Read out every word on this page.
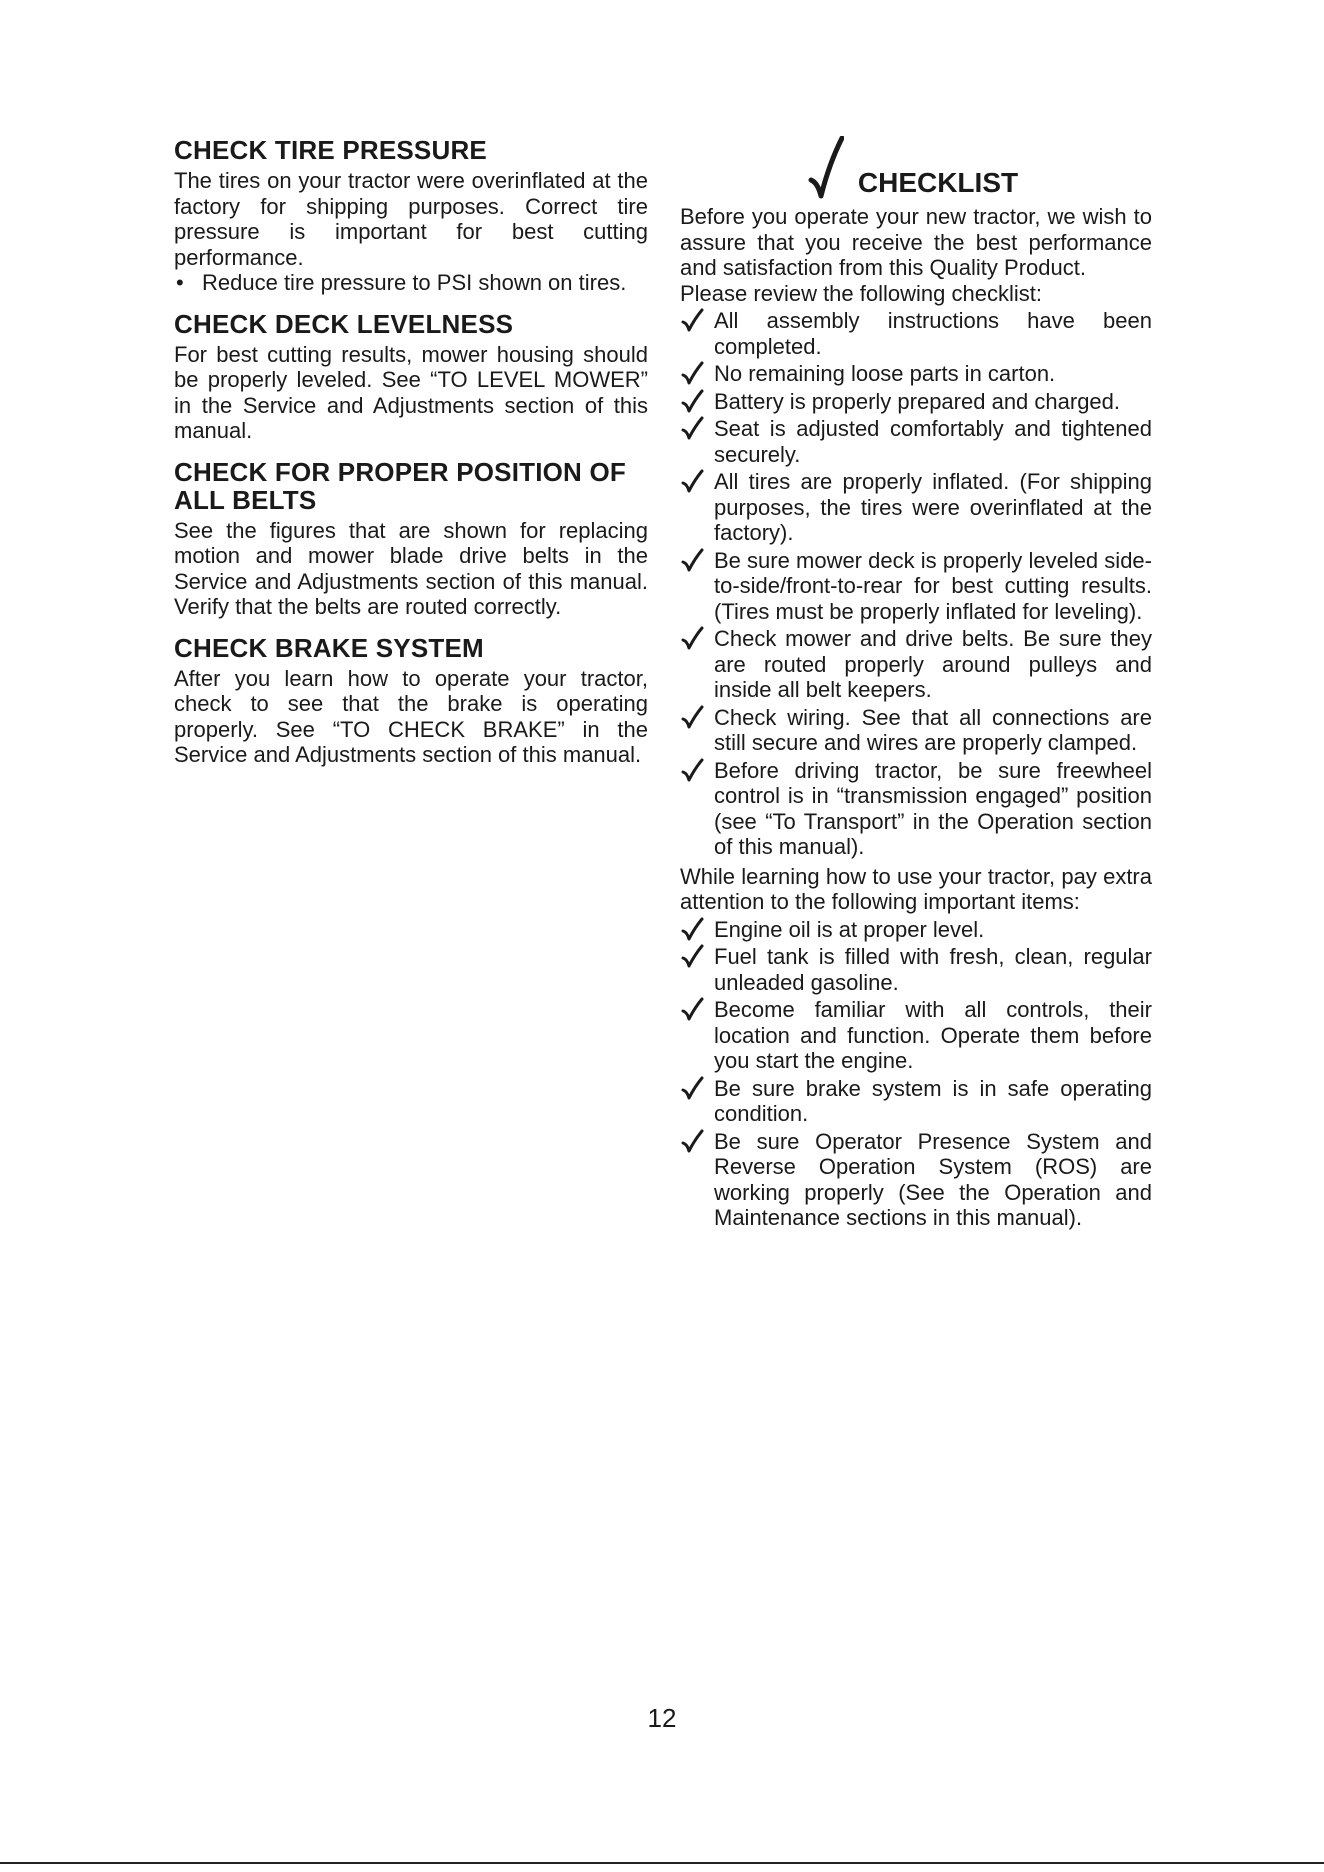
CHECK TIRE PRESSURE

The tires on your tractor were overinflated at the factory for shipping purposes. Correct tire pressure is important for best cutting performance.

• Reduce tire pressure to PSI shown on tires.
CHECK DECK LEVELNESS

For best cutting results, mower housing should be properly leveled. See “TO LEVEL MOWER” in the Service and Adjustments section of this manual.

CHECK FOR PROPER POSITION OF ALL BELTS

See the figures that are shown for replacing motion and mower blade drive belts in the Service and Adjustments section of this manual. Verify that the belts are routed correctly.

CHECK BRAKE SYSTEM

After you learn how to operate your tractor, check to see that the brake is operating properly. See “TO CHECK BRAKE” in the Service and Adjustments section of this manual.

CHECKLIST

Before you operate your new tractor, we wish to assure that you receive the best performance and satisfaction from this Quality Product.

Please review the following checklist:

All assembly instructions have been completed.
No remaining loose parts in carton.
Battery is properly prepared and charged.
Seat is adjusted comfortably and tightened securely.
All tires are properly inflated. (For shipping purposes, the tires were overinflated at the factory).
Be sure mower deck is properly leveled side-to-side/front-to-rear for best cutting results. (Tires must be properly inflated for leveling).
Check mower and drive belts. Be sure they are routed properly around pulleys and inside all belt keepers.
Check wiring. See that all connections are still secure and wires are properly clamped.
Before driving tractor, be sure freewheel control is in “transmission engaged” position (see “To Transport” in the Operation section of this manual).

While learning how to use your tractor, pay extra attention to the following important items:

Engine oil is at proper level.
Fuel tank is filled with fresh, clean, regular unleaded gasoline.
Become familiar with all controls, their location and function. Operate them before you start the engine.
Be sure brake system is in safe operating condition.
Be sure Operator Presence System and Reverse Operation System (ROS) are working properly (See the Operation and Maintenance sections in this manual).
12
